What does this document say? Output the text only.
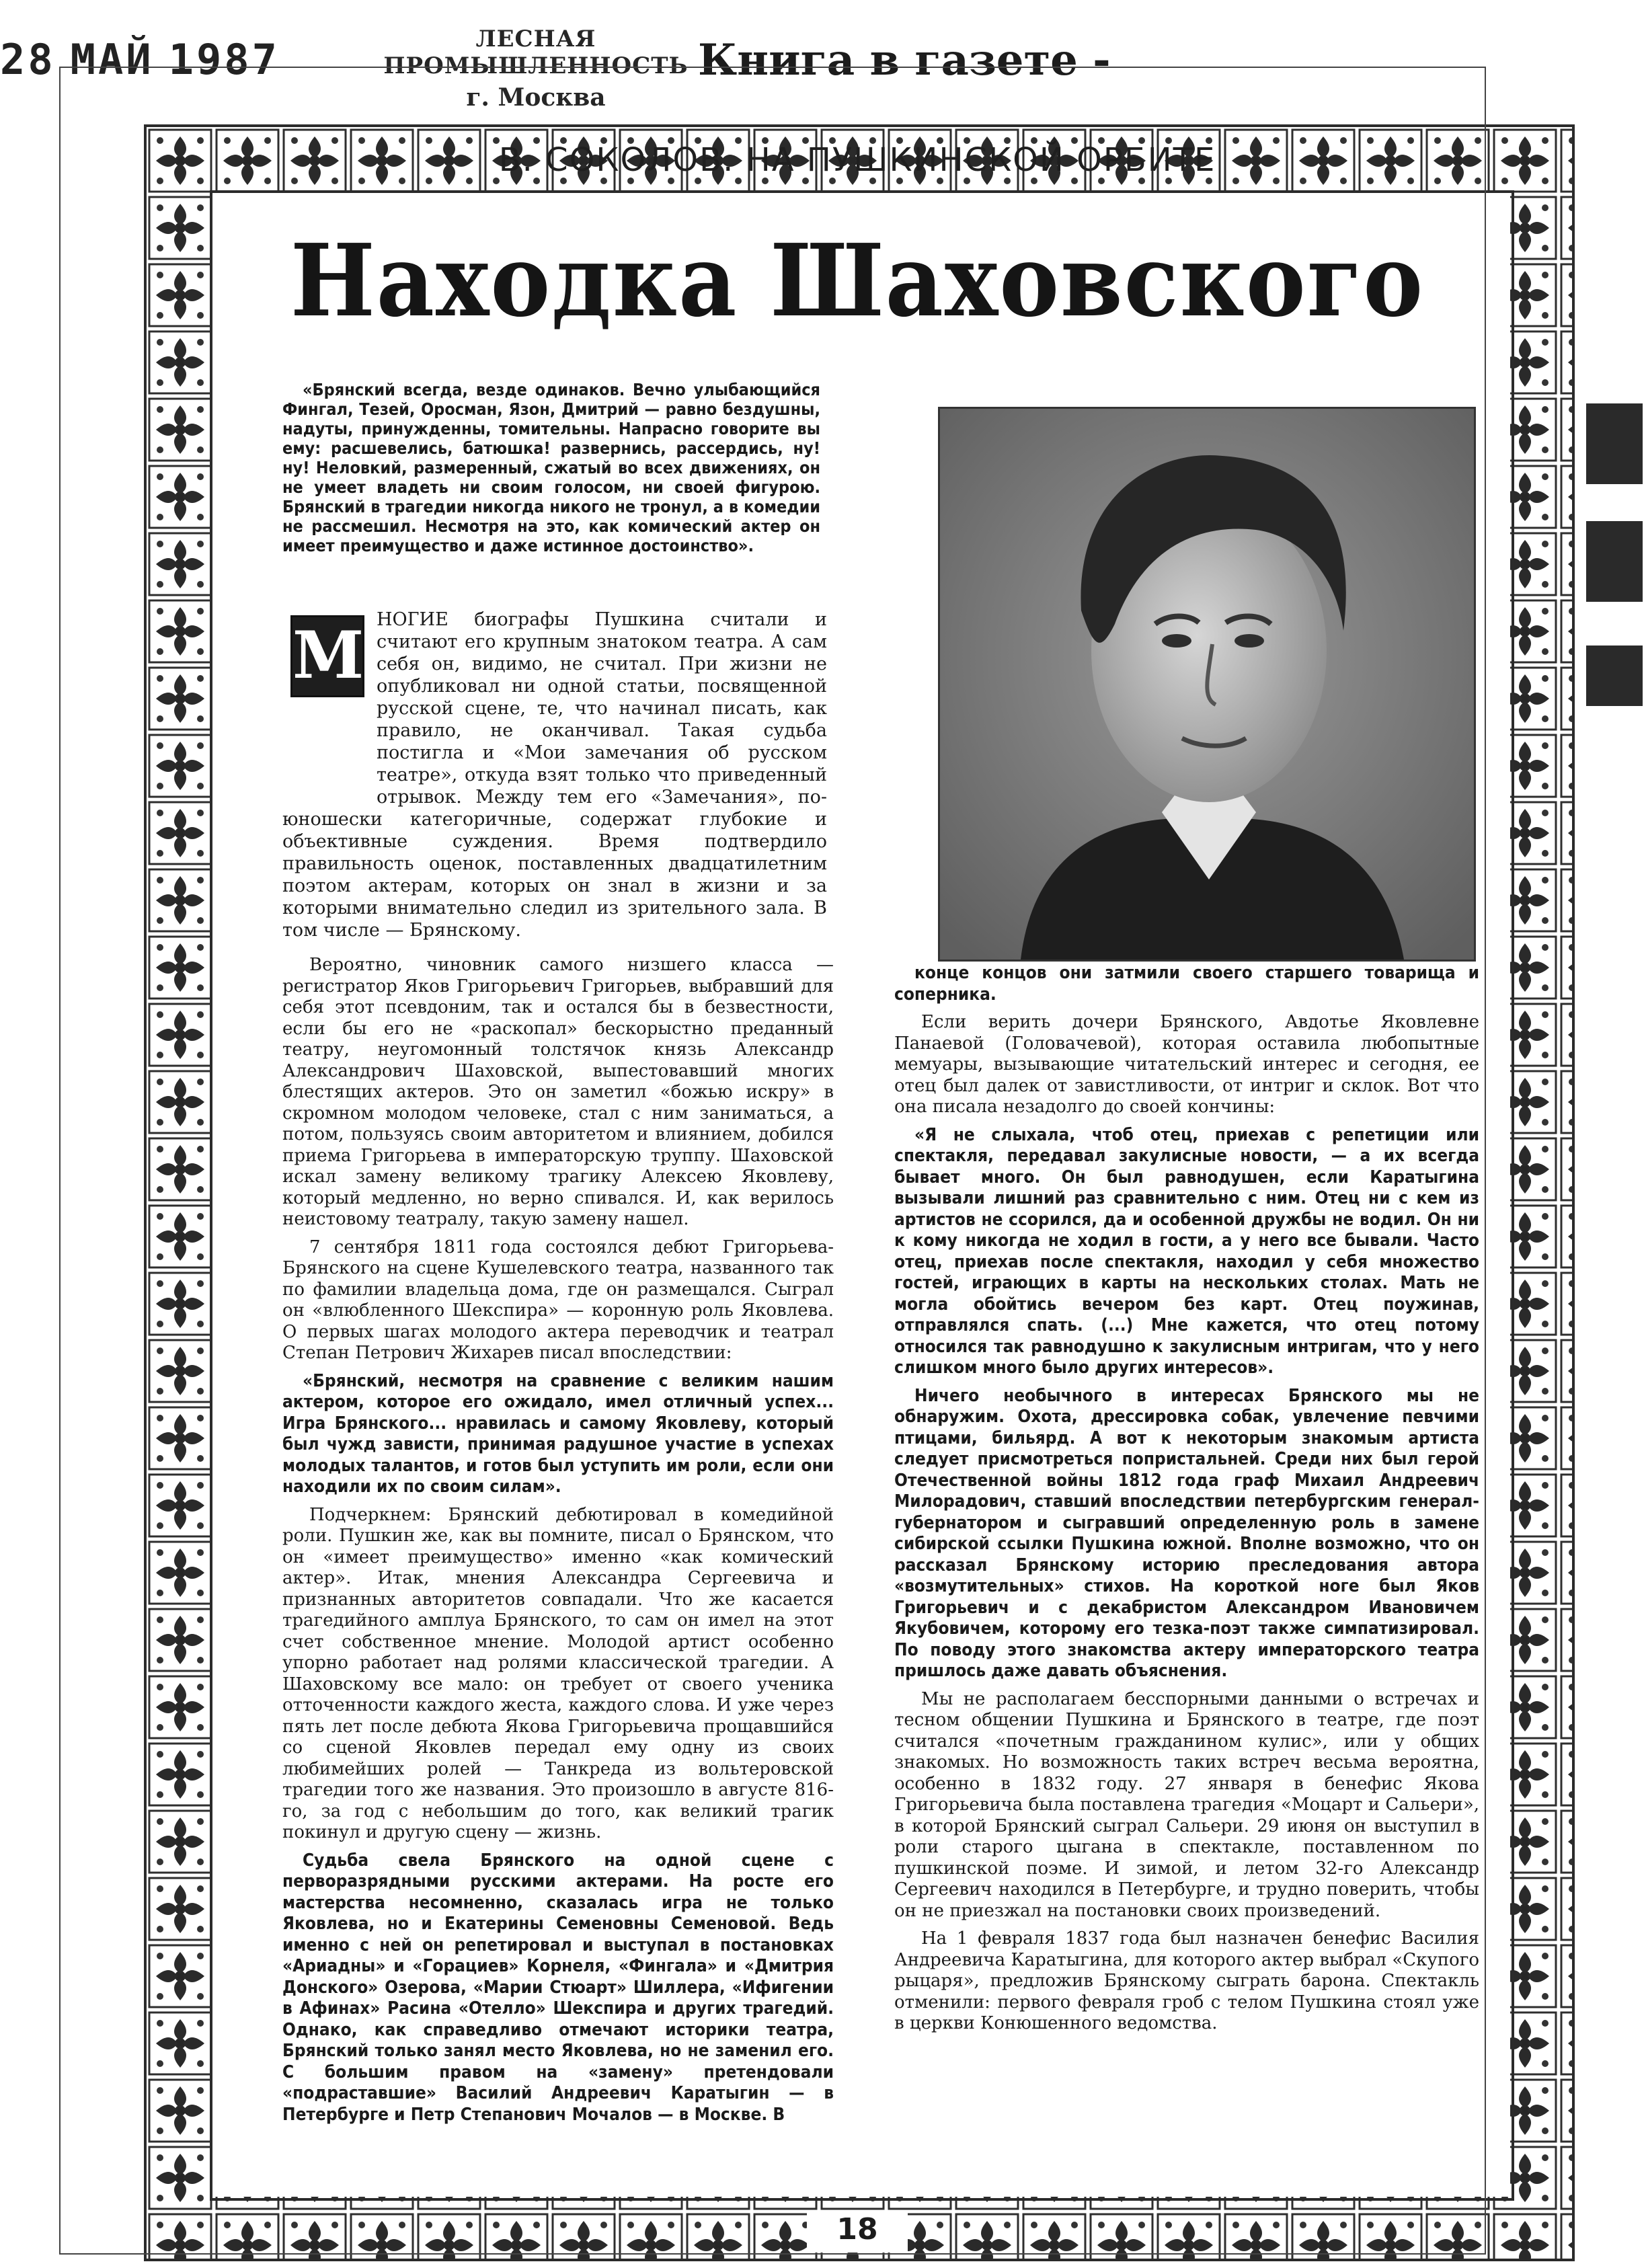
28 МАЙ 1987	ЛЕСНАЯ ПРОМЫШЛЕННОСТЬ
г. Москва
Книга в газете -
В. СОКОЛОВ. НА ПУШКИНСКОЙ ОРБИТЕ
Находка Шаховского

«Брянский всегда, везде одинаков. Вечно улыбающийся Фингал, Тезей, Оросман, Язон, Дмитрий — равно бездушны, надуты, принужденны, томительны. Напрасно говорите вы ему: расшевелись, батюшка! развернись, рассердись, ну! ну! Неловкий, размеренный, сжатый во всех движениях, он не умеет владеть ни своим голосом, ни своей фигурою. Брянский в трагедии никогда никого не тронул, а в комедии не рассмешил. Несмотря на это, как комический актер он имеет преимущество и даже истинное достоинство».

М НОГИЕ биографы Пушкина считали и считают его крупным знатоком театра. А сам себя он, видимо, не считал. При жизни не опубликовал ни одной статьи, посвященной русской сцене, те, что начинал писать, как правило, не оканчивал. Такая судьба постигла и «Мои замечания об русском театре», откуда взят только что приведенный отрывок. Между тем его «Замечания», по-юношески категоричные, содержат глубокие и объективные суждения. Время подтвердило правильность оценок, поставленных двадцатилетним поэтом актерам, которых он знал в жизни и за которыми внимательно следил из зрительного зала. В том числе — Брянскому.

Вероятно, чиновник самого низшего класса — регистратор Яков Григорьевич Григорьев, выбравший для себя этот псевдоним, так и остался бы в безвестности, если бы его не «раскопал» бескорыстно преданный театру, неугомонный толстячок князь Александр Александрович Шаховской, выпестовавший многих блестящих актеров. Это он заметил «божью искру» в скромном молодом человеке, стал с ним заниматься, а потом, пользуясь своим авторитетом и влиянием, добился приема Григорьева в императорскую труппу. Шаховской искал замену великому трагику Алексею Яковлеву, который медленно, но верно спивался. И, как верилось неистовому театралу, такую замену нашел.

7 сентября 1811 года состоялся дебют Григорьева-Брянского на сцене Кушелевского театра, названного так по фамилии владельца дома, где он размещался. Сыграл он «влюбленного Шекспира» — коронную роль Яковлева. О первых шагах молодого актера переводчик и театрал Степан Петрович Жихарев писал впоследствии:

«Брянский, несмотря на сравнение с великим нашим актером, которое его ожидало, имел отличный успех... Игра Брянского... нравилась и самому Яковлеву, который был чужд зависти, принимая радушное участие в успехах молодых талантов, и готов был уступить им роли, если они находили их по своим силам».

Подчеркнем: Брянский дебютировал в комедийной роли. Пушкин же, как вы помните, писал о Брянском, что он «имеет преимущество» именно «как комический актер». Итак, мнения Александра Сергеевича и признанных авторитетов совпадали. Что же касается трагедийного амплуа Брянского, то сам он имел на этот счет собственное мнение. Молодой артист особенно упорно работает над ролями классической трагедии. А Шаховскому все мало: он требует от своего ученика отточенности каждого жеста, каждого слова. И уже через пять лет после дебюта Якова Григорьевича прощавшийся со сценой Яковлев передал ему одну из своих любимейших ролей — Танкреда из вольтеровской трагедии того же названия. Это произошло в августе 816-го, за год с небольшим до того, как великий трагик покинул и другую сцену — жизнь.

Судьба свела Брянского на одной сцене с перворазрядными русскими актерами. На росте его мастерства несомненно, сказалась игра не только Яковлева, но и Екатерины Семеновны Семеновой. Ведь именно с ней он репетировал и выступал в постановках «Ариадны» и «Горациев» Корнеля, «Фингала» и «Дмитрия Донского» Озерова, «Марии Стюарт» Шиллера, «Ифигении в Афинах» Расина «Отелло» Шекспира и других трагедий. Однако, как справедливо отмечают историки театра, Брянский только занял место Яковлева, но не заменил его. С большим правом на «замену» претендовали «подраставшие» Василий Андреевич Каратыгин — в Петербурге и Петр Степанович Мочалов — в Москве. В

конце концов они затмили своего старшего товарища и соперника.

Если верить дочери Брянского, Авдотье Яковлевне Панаевой (Головачевой), которая оставила любопытные мемуары, вызывающие читательский интерес и сегодня, ее отец был далек от завистливости, от интриг и склок. Вот что она писала незадолго до своей кончины:

«Я не слыхала, чтоб отец, приехав с репетиции или спектакля, передавал закулисные новости, — а их всегда бывает много. Он был равнодушен, если Каратыгина вызывали лишний раз сравнительно с ним. Отец ни с кем из артистов не ссорился, да и особенной дружбы не водил. Он ни к кому никогда не ходил в гости, а у него все бывали. Часто отец, приехав после спектакля, находил у себя множество гостей, играющих в карты на нескольких столах. Мать не могла обойтись вечером без карт. Отец поужинав, отправлялся спать. (...) Мне кажется, что отец потому относился так равнодушно к закулисным интригам, что у него слишком много было других интересов».

Ничего необычного в интересах Брянского мы не обнаружим. Охота, дрессировка собак, увлечение певчими птицами, бильярд. А вот к некоторым знакомым артиста следует присмотреться попристальней. Среди них был герой Отечественной войны 1812 года граф Михаил Андреевич Милорадович, ставший впоследствии петербургским генерал-губернатором и сыгравший определенную роль в замене сибирской ссылки Пушкина южной. Вполне возможно, что он рассказал Брянскому историю преследования автора «возмутительных» стихов. На короткой ноге был Яков Григорьевич и с декабристом Александром Ивановичем Якубовичем, которому его тезка-поэт также симпатизировал. По поводу этого знакомства актеру императорского театра пришлось даже давать объяснения.

Мы не располагаем бесспорными данными о встречах и тесном общении Пушкина и Брянского в театре, где поэт считался «почетным гражданином кулис», или у общих знакомых. Но возможность таких встреч весьма вероятна, особенно в 1832 году. 27 января в бенефис Якова Григорьевича была поставлена трагедия «Моцарт и Сальери», в которой Брянский сыграл Сальери. 29 июня он выступил в роли старого цыгана в спектакле, поставленном по пушкинской поэме. И зимой, и летом 32-го Александр Сергеевич находился в Петербурге, и трудно поверить, чтобы он не приезжал на постановки своих произведений.

На 1 февраля 1837 года был назначен бенефис Василия Андреевича Каратыгина, для которого актер выбрал «Скупого рыцаря», предложив Брянскому сыграть барона. Спектакль отменили: первого февраля гроб с телом Пушкина стоял уже в церкви Конюшенного ведомства.

18
